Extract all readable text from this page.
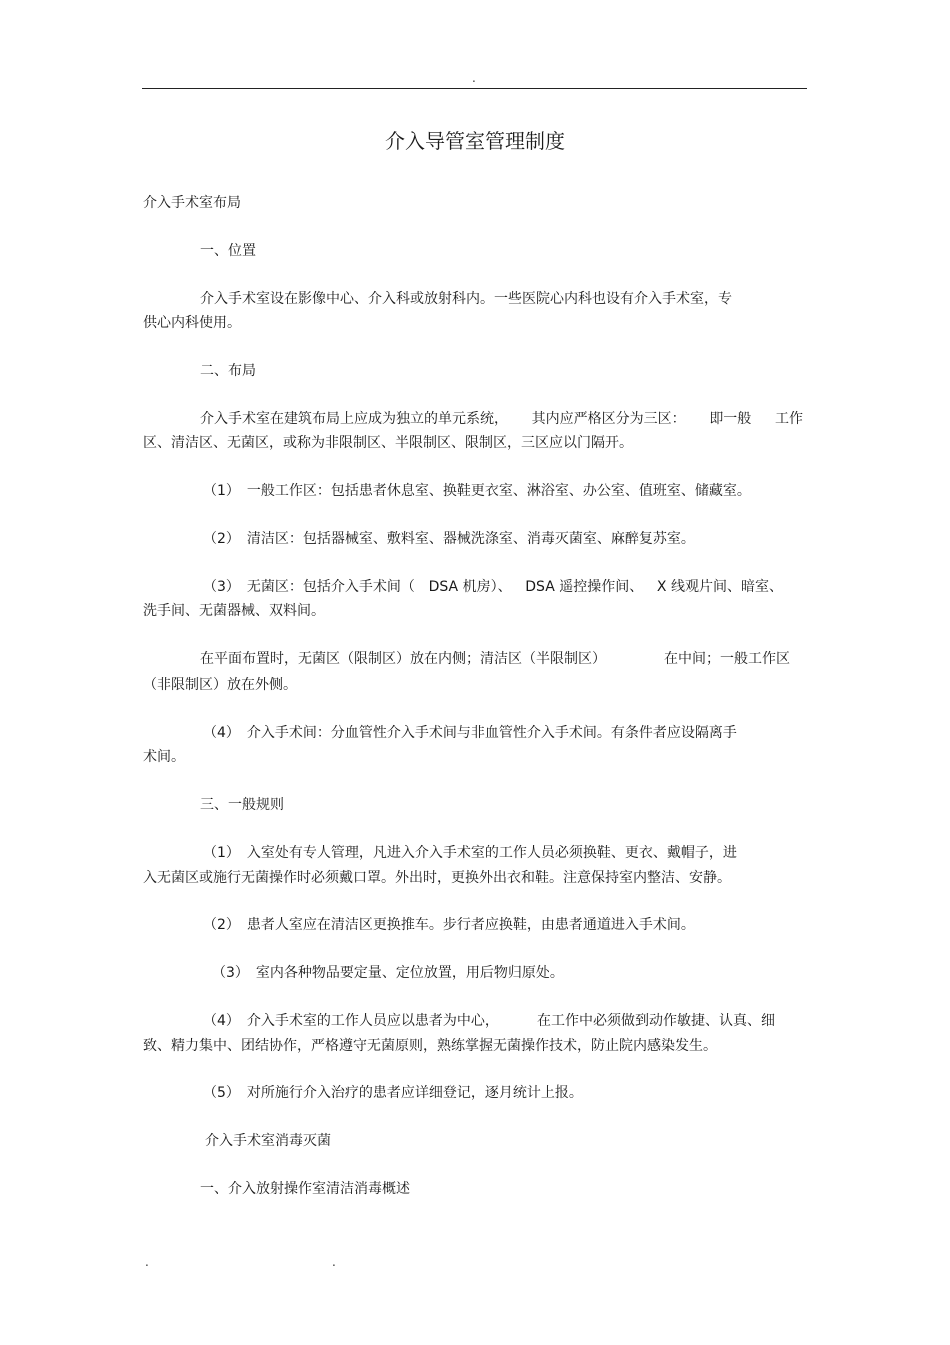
.
介入导管室管理制度
介入手术室布局
一、位置
介入手术室设在影像中心、介入科或放射科内。一些医院心内科也设有介入手术室，专
供心内科使用。
二、布局
介入手术室在建筑布局上应成为独立的单元系统， 其内应严格区分为三区： 即一般 工作
区、清洁区、无菌区，或称为非限制区、半限制区、限制区，三区应以门隔开。
（1）　一般工作区：包括患者休息室、换鞋更衣室、淋浴室、办公室、值班室、储藏室。
（2）　清洁区：包括器械室、敷料室、器械洗涤室、消毒灭菌室、麻醉复苏室。
（3）　无菌区：包括介入手术间（ DSA 机房）、 DSA 遥控操作间、 X 线观片间、暗室、
洗手间、无菌器械、双料间。
在平面布置时，无菌区（限制区）放在内侧；清洁区（半限制区）	在中间；一般工作区
（非限制区）放在外侧。
（4）　介入手术间：分血管性介入手术间与非血管性介入手术间。有条件者应设隔离手
术间。
三、一般规则
（1）　入室处有专人管理，凡进入介入手术室的工作人员必须换鞋、更衣、戴帽子，进
入无菌区或施行无菌操作时必须戴口罩。外出时，更换外出衣和鞋。注意保持室内整洁、安静。
（2）　患者人室应在清洁区更换推车。步行者应换鞋，由患者通道进入手术间。
（3）　室内各种物品要定量、定位放置，用后物归原处。
（4）　介入手术室的工作人员应以患者为中心，	在工作中必须做到动作敏捷、认真、细
致、精力集中、团结协作，严格遵守无菌原则，熟练掌握无菌操作技术，防止院内感染发生。
（5）　对所施行介入治疗的患者应详细登记，逐月统计上报。
介入手术室消毒灭菌
一、介入放射操作室清洁消毒概述
.	.
